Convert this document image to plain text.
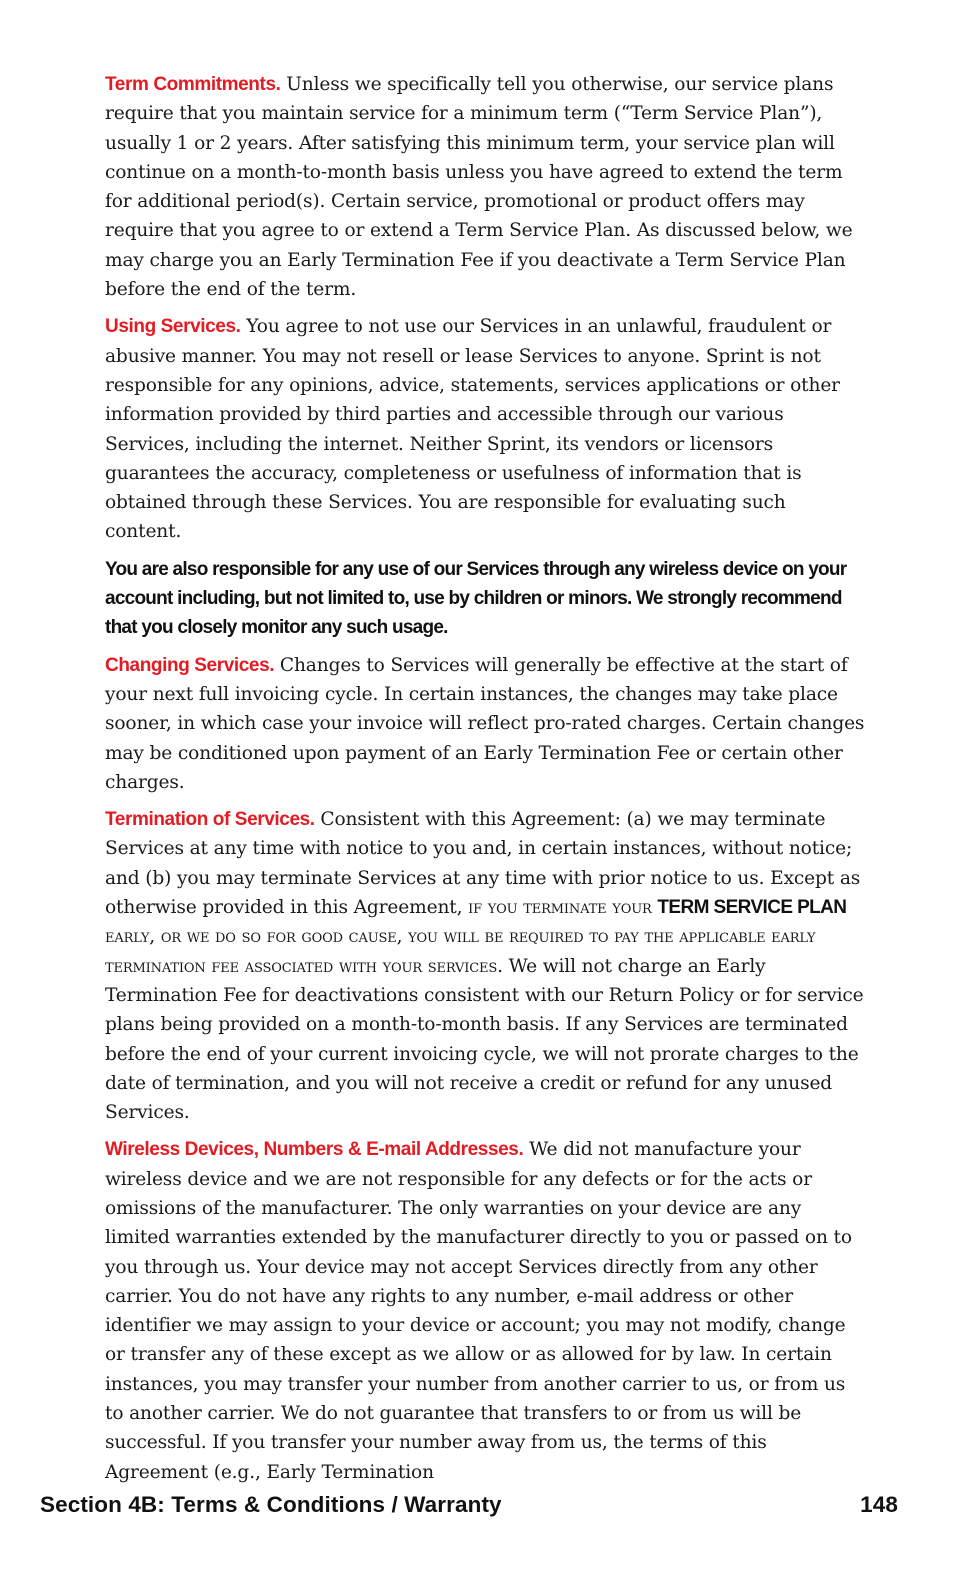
Term Commitments. Unless we specifically tell you otherwise, our service plans require that you maintain service for a minimum term (“Term Service Plan”), usually 1 or 2 years. After satisfying this minimum term, your service plan will continue on a month-to-month basis unless you have agreed to extend the term for additional period(s). Certain service, promotional or product offers may require that you agree to or extend a Term Service Plan. As discussed below, we may charge you an Early Termination Fee if you deactivate a Term Service Plan before the end of the term.

Using Services. You agree to not use our Services in an unlawful, fraudulent or abusive manner. You may not resell or lease Services to anyone. Sprint is not responsible for any opinions, advice, statements, services applications or other information provided by third parties and accessible through our various Services, including the internet. Neither Sprint, its vendors or licensors guarantees the accuracy, completeness or usefulness of information that is obtained through these Services. You are responsible for evaluating such content.

You are also responsible for any use of our Services through any wireless device on your account including, but not limited to, use by children or minors. We strongly recommend that you closely monitor any such usage.

Changing Services. Changes to Services will generally be effective at the start of your next full invoicing cycle. In certain instances, the changes may take place sooner, in which case your invoice will reflect pro-rated charges. Certain changes may be conditioned upon payment of an Early Termination Fee or certain other charges.

Termination of Services. Consistent with this Agreement: (a) we may terminate Services at any time with notice to you and, in certain instances, without notice; and (b) you may terminate Services at any time with prior notice to us. Except as otherwise provided in this Agreement, if you terminate your TERM SERVICE PLAN early, or we do so for good cause, you will be required to pay the applicable early termination fee associated with your services. We will not charge an Early Termination Fee for deactivations consistent with our Return Policy or for service plans being provided on a month-to-month basis. If any Services are terminated before the end of your current invoicing cycle, we will not prorate charges to the date of termination, and you will not receive a credit or refund for any unused Services.

Wireless Devices, Numbers & E-mail Addresses. We did not manufacture your wireless device and we are not responsible for any defects or for the acts or omissions of the manufacturer. The only warranties on your device are any limited warranties extended by the manufacturer directly to you or passed on to you through us. Your device may not accept Services directly from any other carrier. You do not have any rights to any number, e-mail address or other identifier we may assign to your device or account; you may not modify, change or transfer any of these except as we allow or as allowed for by law. In certain instances, you may transfer your number from another carrier to us, or from us to another carrier. We do not guarantee that transfers to or from us will be successful. If you transfer your number away from us, the terms of this Agreement (e.g., Early Termination

Section 4B: Terms & Conditions / Warranty	148
